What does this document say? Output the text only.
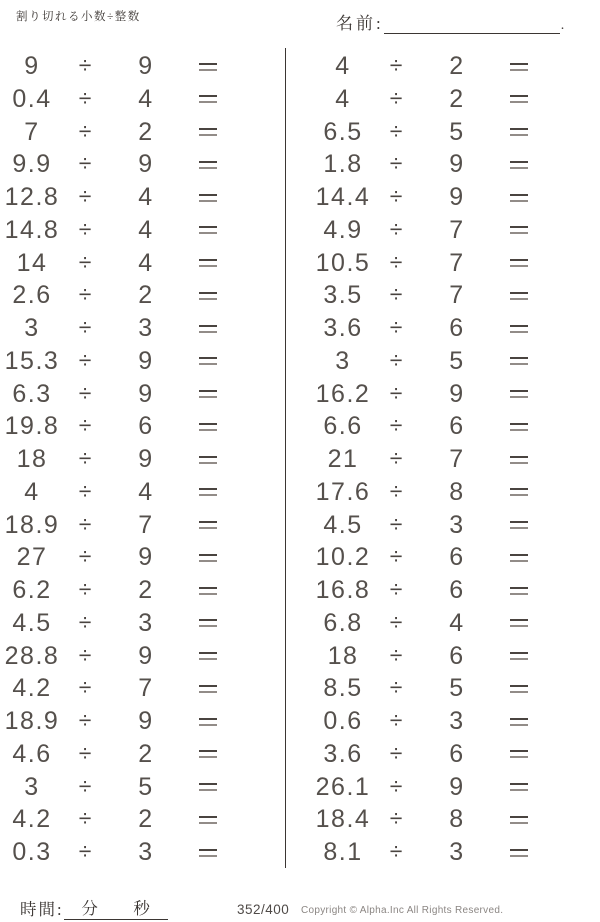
割り切れる小数÷整数	名前:	.
9 ÷ 9
0.4 ÷ 4
7 ÷ 2
9.9 ÷ 9
12.8 ÷ 4
14.8 ÷ 4
14 ÷ 4
2.6 ÷ 2
3 ÷ 3
15.3 ÷ 9
6.3 ÷ 9
19.8 ÷ 6
18 ÷ 9
4 ÷ 4
18.9 ÷ 7
27 ÷ 9
6.2 ÷ 2
4.5 ÷ 3
28.8 ÷ 9
4.2 ÷ 7
18.9 ÷ 9
4.6 ÷ 2
3 ÷ 5
4.2 ÷ 2
0.3 ÷ 3
4 ÷ 2
4 ÷ 2
6.5 ÷ 5
1.8 ÷ 9
14.4 ÷ 9
4.9 ÷ 7
10.5 ÷ 7
3.5 ÷ 7
3.6 ÷ 6
3 ÷ 5
16.2 ÷ 9
6.6 ÷ 6
21 ÷ 7
17.6 ÷ 8
4.5 ÷ 3
10.2 ÷ 6
16.8 ÷ 6
6.8 ÷ 4
18 ÷ 6
8.5 ÷ 5
0.6 ÷ 3
3.6 ÷ 6
26.1 ÷ 9
18.4 ÷ 8
8.1 ÷ 3
時間: 分 秒	352/400 Copyright © Alpha.Inc All Rights Reserved.
